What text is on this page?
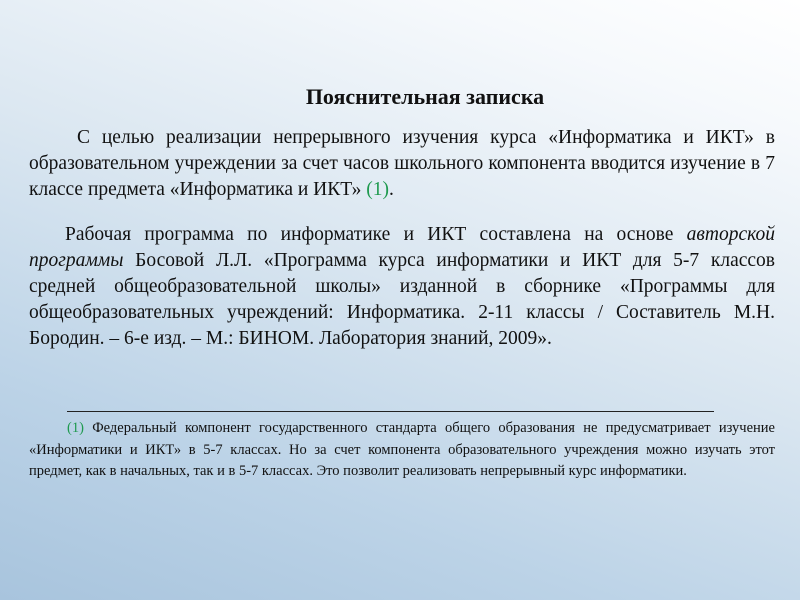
Пояснительная записка
С целью реализации непрерывного изучения курса «Информатика и ИКТ» в образовательном учреждении за счет часов школьного компонента вводится изучение в 7 классе предмета «Информатика и ИКТ» (1).
Рабочая программа по информатике и ИКТ составлена на основе авторской программы Босовой Л.Л. «Программа курса информатики и ИКТ для 5-7 классов средней общеобразовательной школы» изданной в сборнике «Программы для общеобразовательных учреждений: Информатика. 2-11 классы / Составитель М.Н. Бородин. – 6-е изд. – М.: БИНОМ. Лаборатория знаний, 2009».
(1) Федеральный компонент государственного стандарта общего образования не предусматривает изучение «Информатики и ИКТ» в 5-7 классах. Но за счет компонента образовательного учреждения можно изучать этот предмет, как в начальных, так и в 5-7 классах. Это позволит реализовать непрерывный курс информатики.
